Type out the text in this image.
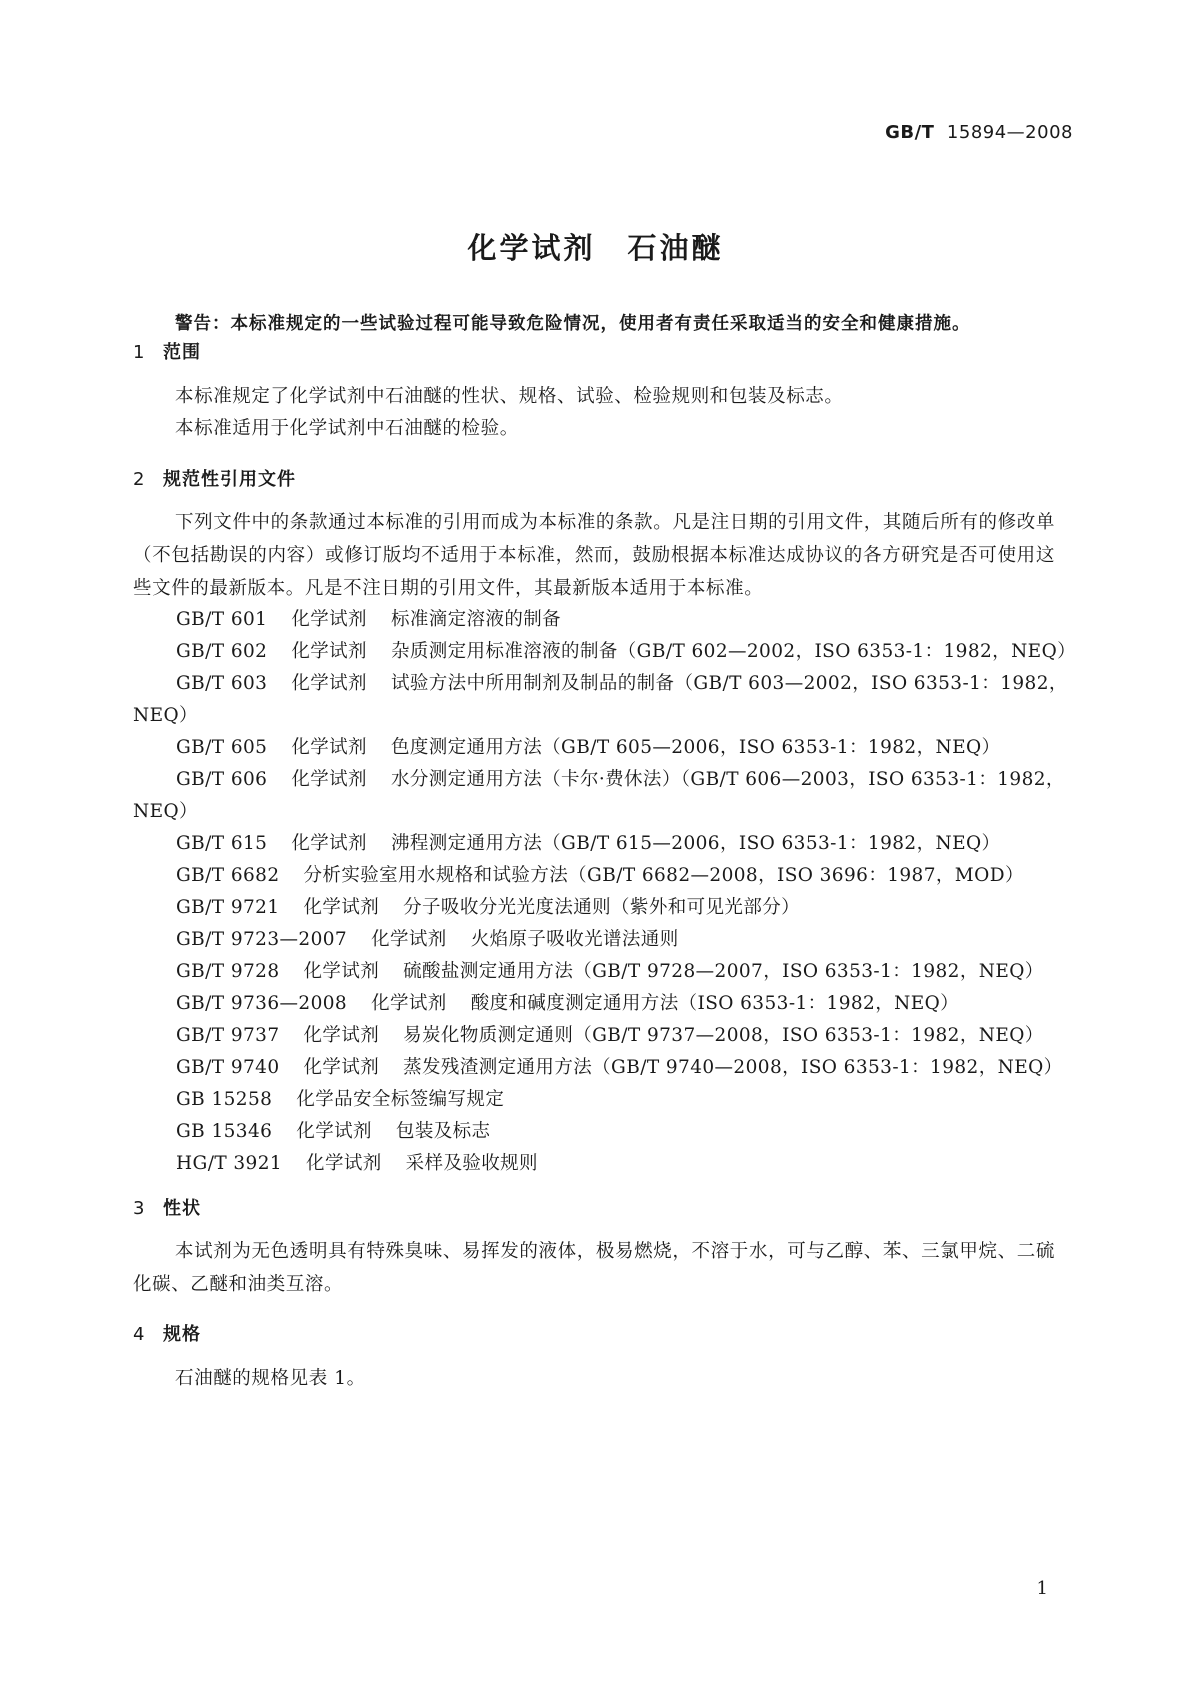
GB/T 15894—2008
化学试剂　石油醚
警告：本标准规定的一些试验过程可能导致危险情况，使用者有责任采取适当的安全和健康措施。
1 范围
本标准规定了化学试剂中石油醚的性状、规格、试验、检验规则和包装及标志。
本标准适用于化学试剂中石油醚的检验。
2 规范性引用文件
下列文件中的条款通过本标准的引用而成为本标准的条款。凡是注日期的引用文件，其随后所有的修改单（不包括勘误的内容）或修订版均不适用于本标准，然而，鼓励根据本标准达成协议的各方研究是否可使用这些文件的最新版本。凡是不注日期的引用文件，其最新版本适用于本标准。
GB/T 601 化学试剂 标准滴定溶液的制备
GB/T 602 化学试剂 杂质测定用标准溶液的制备（GB/T 602—2002，ISO 6353-1：1982，NEQ）
GB/T 603 化学试剂 试验方法中所用制剂及制品的制备（GB/T 603—2002，ISO 6353-1：1982，
NEQ）
GB/T 605 化学试剂 色度测定通用方法（GB/T 605—2006，ISO 6353-1：1982，NEQ）
GB/T 606 化学试剂 水分测定通用方法（卡尔·费休法）（GB/T 606—2003，ISO 6353-1：1982，
NEQ）
GB/T 615 化学试剂 沸程测定通用方法（GB/T 615—2006，ISO 6353-1：1982，NEQ）
GB/T 6682 分析实验室用水规格和试验方法（GB/T 6682—2008，ISO 3696：1987，MOD）
GB/T 9721 化学试剂 分子吸收分光光度法通则（紫外和可见光部分）
GB/T 9723—2007 化学试剂 火焰原子吸收光谱法通则
GB/T 9728 化学试剂 硫酸盐测定通用方法（GB/T 9728—2007，ISO 6353-1：1982，NEQ）
GB/T 9736—2008 化学试剂 酸度和碱度测定通用方法（ISO 6353-1：1982，NEQ）
GB/T 9737 化学试剂 易炭化物质测定通则（GB/T 9737—2008，ISO 6353-1：1982，NEQ）
GB/T 9740 化学试剂 蒸发残渣测定通用方法（GB/T 9740—2008，ISO 6353-1：1982，NEQ）
GB 15258 化学品安全标签编写规定
GB 15346 化学试剂 包装及标志
HG/T 3921 化学试剂 采样及验收规则
3 性状
本试剂为无色透明具有特殊臭味、易挥发的液体，极易燃烧，不溶于水，可与乙醇、苯、三氯甲烷、二硫化碳、乙醚和油类互溶。
4 规格
石油醚的规格见表 1。
1
